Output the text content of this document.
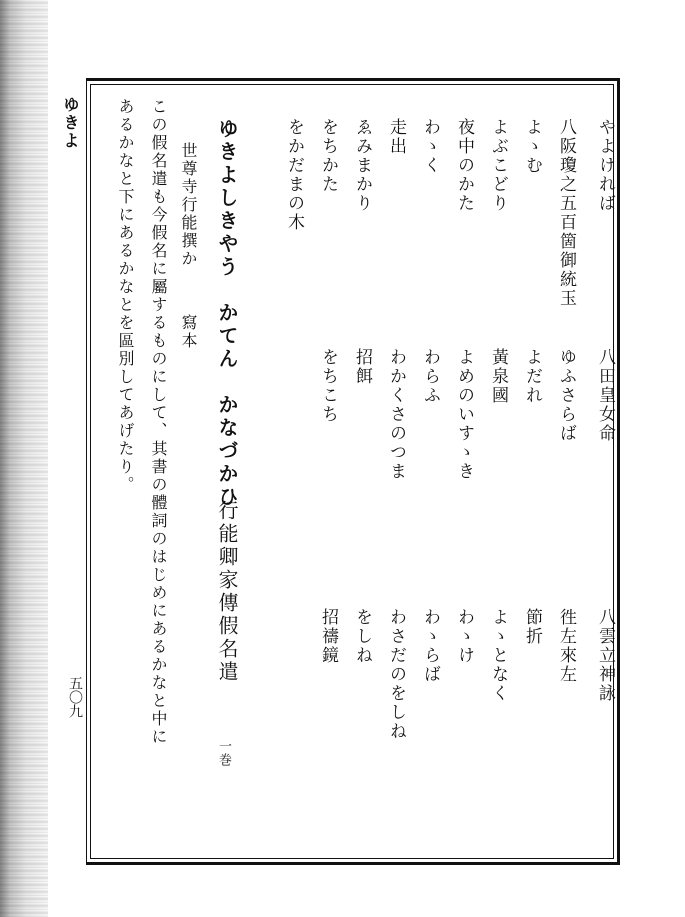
ゆきよ
五〇九
やよければ
八田皇女命
八雲立神詠
八阪瓊之五百箇御統玉
ゆふさらば
徃左來左
よゝむ
よだれ
節折
よぶこどり
黃泉國
よゝとなく
夜中のかた
よめのいすゝき
わゝけ
わゝく
わらふ
わゝらば
走出
わかくさのつま
わさだのをしね
ゑみまかり
招餌
をしね
をちかた
をちこち
招禱鏡
をかだまの木
ゆきよしきやう　かてん　かなづかひ
行能卿家傳假名遣
一巻
世尊寺行能撰か
寫本
この假名遣も今假名に屬するものにして、其書の體詞のはじめにあるかなと中に
あるかなと下にあるかなとを區別してあげたり。
